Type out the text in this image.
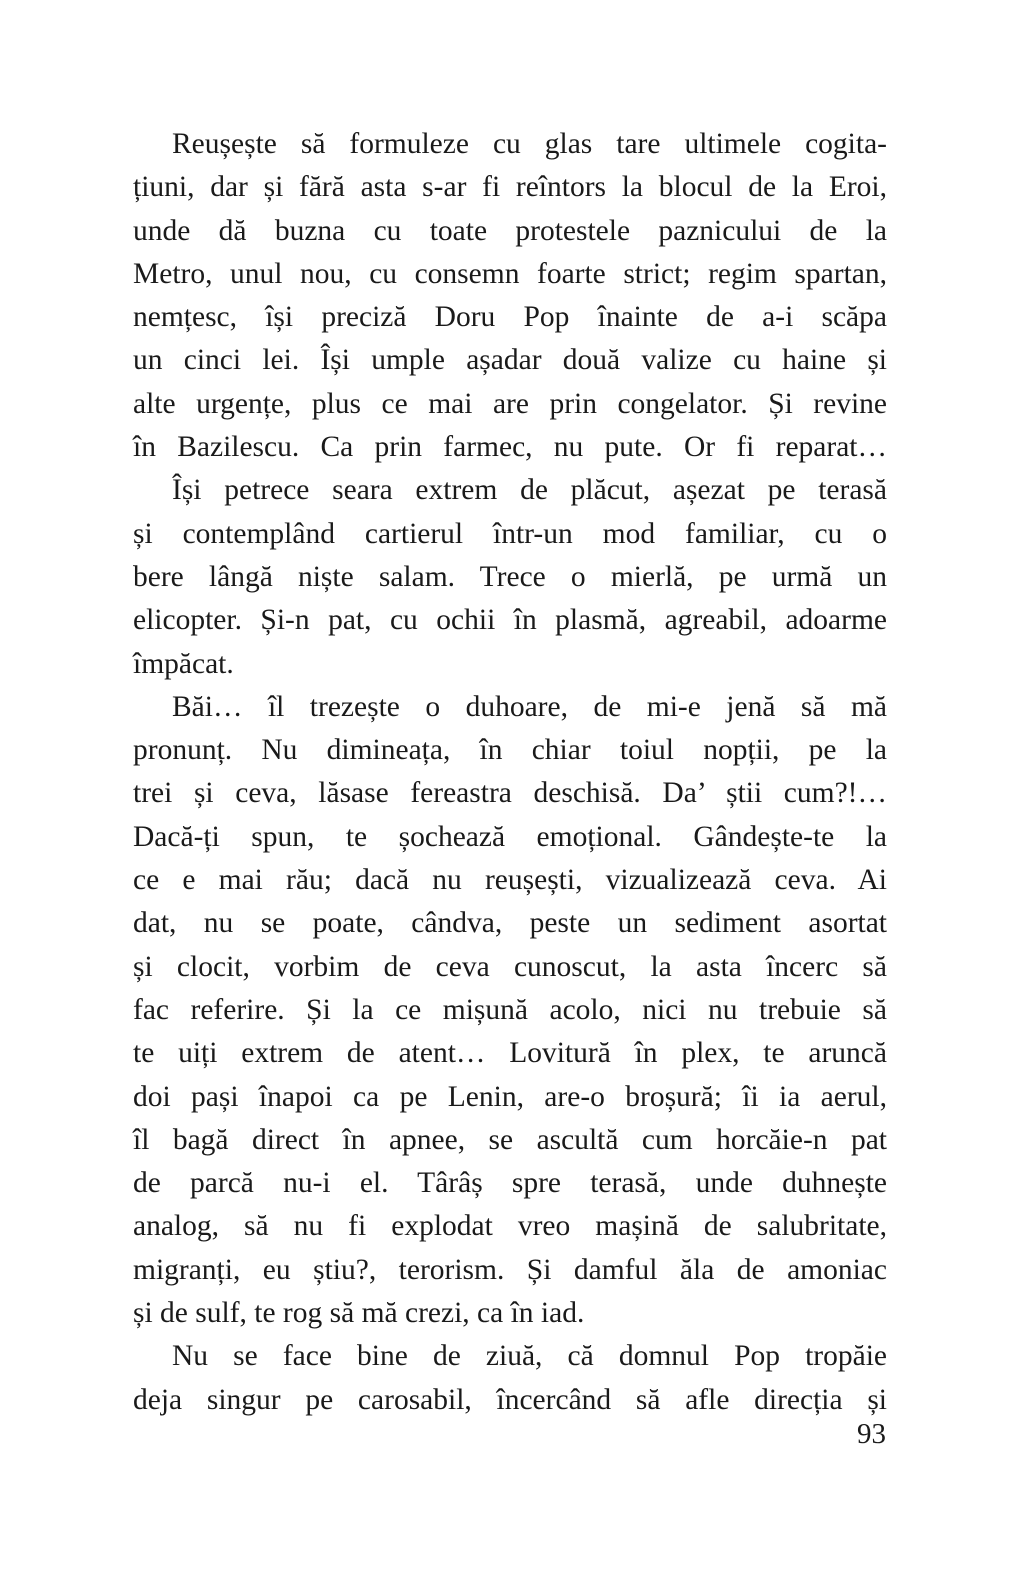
Reușește să formuleze cu glas tare ultimele cogita-
țiuni, dar și fără asta s-ar fi reîntors la blocul de la Eroi,
unde dă buzna cu toate protestele paznicului de la
Metro, unul nou, cu consemn foarte strict; regim spartan,
nemțesc, își preciză Doru Pop înainte de a-i scăpa
un cinci lei. Își umple așadar două valize cu haine și
alte urgențe, plus ce mai are prin congelator. Și revine
în Bazilescu. Ca prin farmec, nu pute. Or fi reparat…
Își petrece seara extrem de plăcut, așezat pe terasă
și contemplând cartierul într-un mod familiar, cu o
bere lângă niște salam. Trece o mierlă, pe urmă un
elicopter. Și-n pat, cu ochii în plasmă, agreabil, adoarme
împăcat.
Băi… îl trezește o duhoare, de mi-e jenă să mă
pronunț. Nu dimineața, în chiar toiul nopții, pe la
trei și ceva, lăsase fereastra deschisă. Da’ știi cum?!…
Dacă-ți spun, te șochează emoțional. Gândește-te la
ce e mai rău; dacă nu reușești, vizualizează ceva. Ai
dat, nu se poate, cândva, peste un sediment asortat
și clocit, vorbim de ceva cunoscut, la asta încerc să
fac referire. Și la ce mișună acolo, nici nu trebuie să
te uiți extrem de atent… Lovitură în plex, te aruncă
doi pași înapoi ca pe Lenin, are-o broșură; îi ia aerul,
îl bagă direct în apnee, se ascultă cum horcăie-n pat
de parcă nu-i el. Târâș spre terasă, unde duhnește
analog, să nu fi explodat vreo mașină de salubritate,
migranți, eu știu?, terorism. Și damful ăla de amoniac
și de sulf, te rog să mă crezi, ca în iad.
Nu se face bine de ziuă, că domnul Pop tropăie
deja singur pe carosabil, încercând să afle direcția și
93
